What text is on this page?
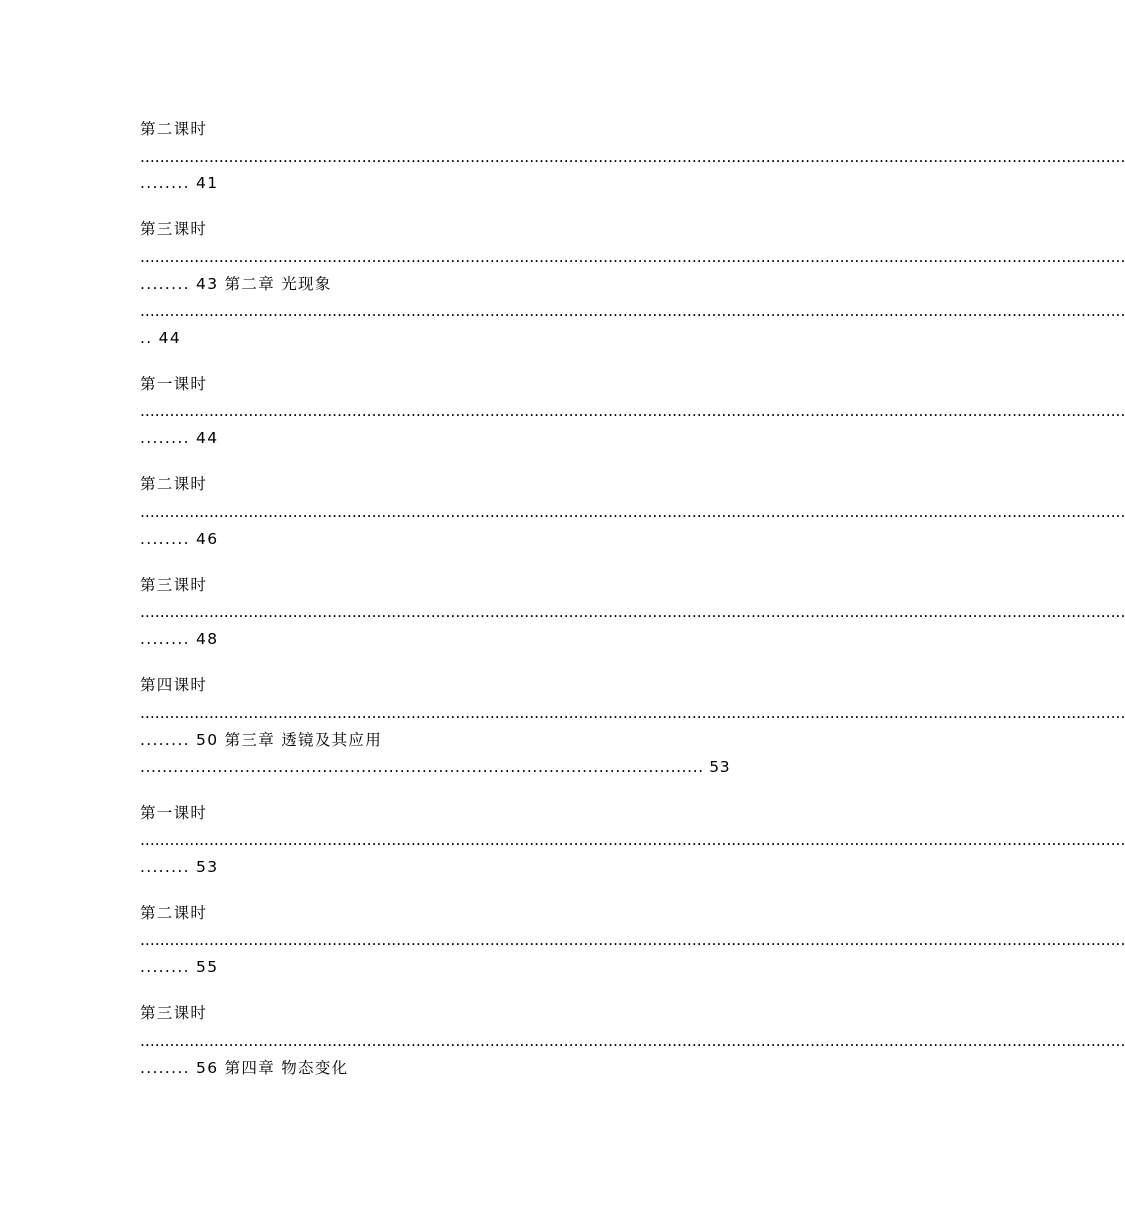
第二课时

........................................................................................................................................................................................................

........ 41

第三课时

........................................................................................................................................................................................................

........ 43 第二章 光现象

........................................................................................................................................................................................................

.. 44

第一课时

........................................................................................................................................................................................................

........ 44

第二课时

........................................................................................................................................................................................................

........ 46

第三课时

........................................................................................................................................................................................................

........ 48

第四课时

........................................................................................................................................................................................................

........ 50 第三章 透镜及其应用

...................................................................................................... 53

第一课时

........................................................................................................................................................................................................

........ 53

第二课时

........................................................................................................................................................................................................

........ 55

第三课时

........................................................................................................................................................................................................

........ 56 第四章 物态变化
